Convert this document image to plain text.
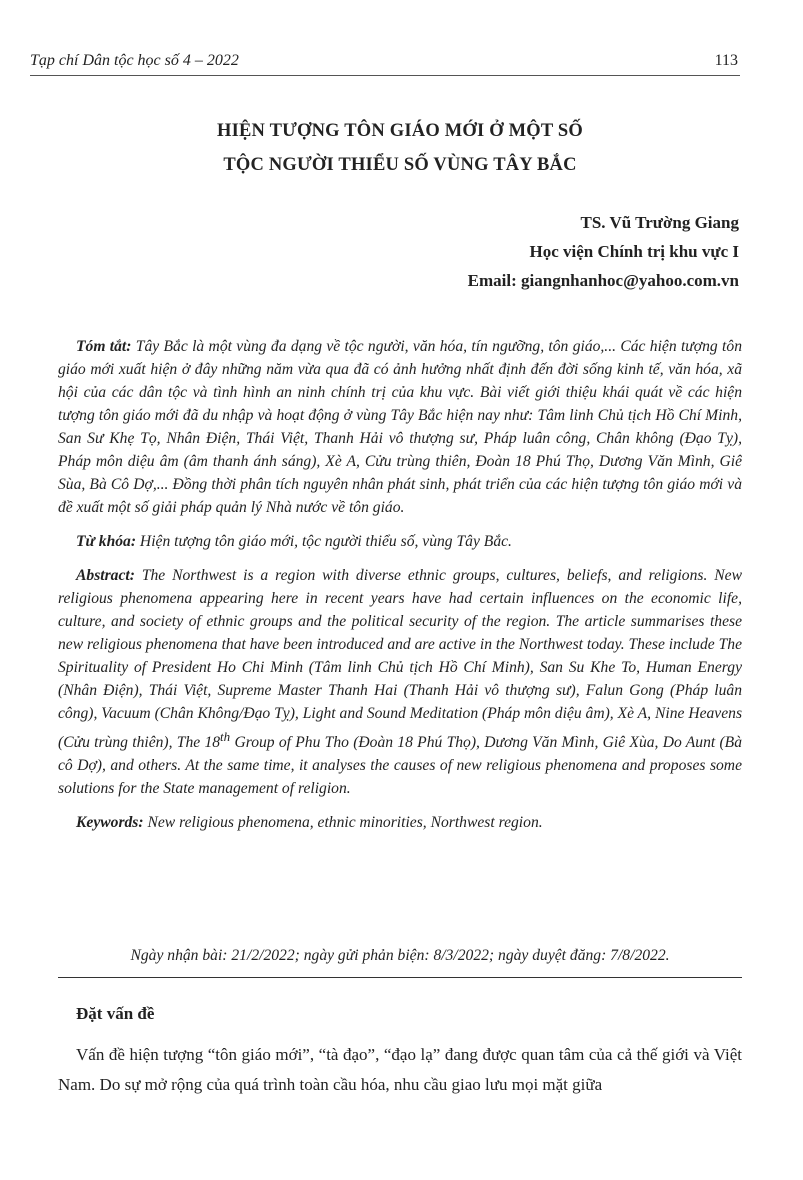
Tạp chí Dân tộc học số 4 – 2022	113
HIỆN TƯỢNG TÔN GIÁO MỚI Ở MỘT SỐ
TỘC NGƯỜI THIỂU SỐ VÙNG TÂY BẮC
TS. Vũ Trường Giang
Học viện Chính trị khu vực I
Email: giangnhanhoc@yahoo.com.vn

Tóm tắt: Tây Bắc là một vùng đa dạng về tộc người, văn hóa, tín ngưỡng, tôn giáo,... Các hiện tượng tôn giáo mới xuất hiện ở đây những năm vừa qua đã có ảnh hưởng nhất định đến đời sống kinh tế, văn hóa, xã hội của các dân tộc và tình hình an ninh chính trị của khu vực. Bài viết giới thiệu khái quát về các hiện tượng tôn giáo mới đã du nhập và hoạt động ở vùng Tây Bắc hiện nay như: Tâm linh Chủ tịch Hồ Chí Minh, San Sư Khẹ Tọ, Nhân Điện, Thái Việt, Thanh Hải vô thượng sư, Pháp luân công, Chân không (Đạo Tỵ), Pháp môn diệu âm (âm thanh ánh sáng), Xè A, Cửu trùng thiên, Đoàn 18 Phú Thọ, Dương Văn Mình, Giê Sùa, Bà Cô Dợ,... Đồng thời phân tích nguyên nhân phát sinh, phát triển của các hiện tượng tôn giáo mới và đề xuất một số giải pháp quản lý Nhà nước về tôn giáo.

Từ khóa: Hiện tượng tôn giáo mới, tộc người thiểu số, vùng Tây Bắc.

Abstract: The Northwest is a region with diverse ethnic groups, cultures, beliefs, and religions. New religious phenomena appearing here in recent years have had certain influences on the economic life, culture, and society of ethnic groups and the political security of the region. The article summarises these new religious phenomena that have been introduced and are active in the Northwest today. These include The Spirituality of President Ho Chi Minh (Tâm linh Chủ tịch Hồ Chí Minh), San Su Khe To, Human Energy (Nhân Điện), Thái Việt, Supreme Master Thanh Hai (Thanh Hải vô thượng sư), Falun Gong (Pháp luân công), Vacuum (Chân Không/Đạo Tỵ), Light and Sound Meditation (Pháp môn diệu âm), Xè A, Nine Heavens (Cửu trùng thiên), The 18th Group of Phu Tho (Đoàn 18 Phú Thọ), Dương Văn Mình, Giê Xùa, Do Aunt (Bà cô Dợ), and others. At the same time, it analyses the causes of new religious phenomena and proposes some solutions for the State management of religion.

Keywords: New religious phenomena, ethnic minorities, Northwest region.

Ngày nhận bài: 21/2/2022; ngày gửi phản biện: 8/3/2022; ngày duyệt đăng: 7/8/2022.
Đặt vấn đề

Vấn đề hiện tượng “tôn giáo mới”, “tà đạo”, “đạo lạ” đang được quan tâm của cả thế giới và Việt Nam. Do sự mở rộng của quá trình toàn cầu hóa, nhu cầu giao lưu mọi mặt giữa
